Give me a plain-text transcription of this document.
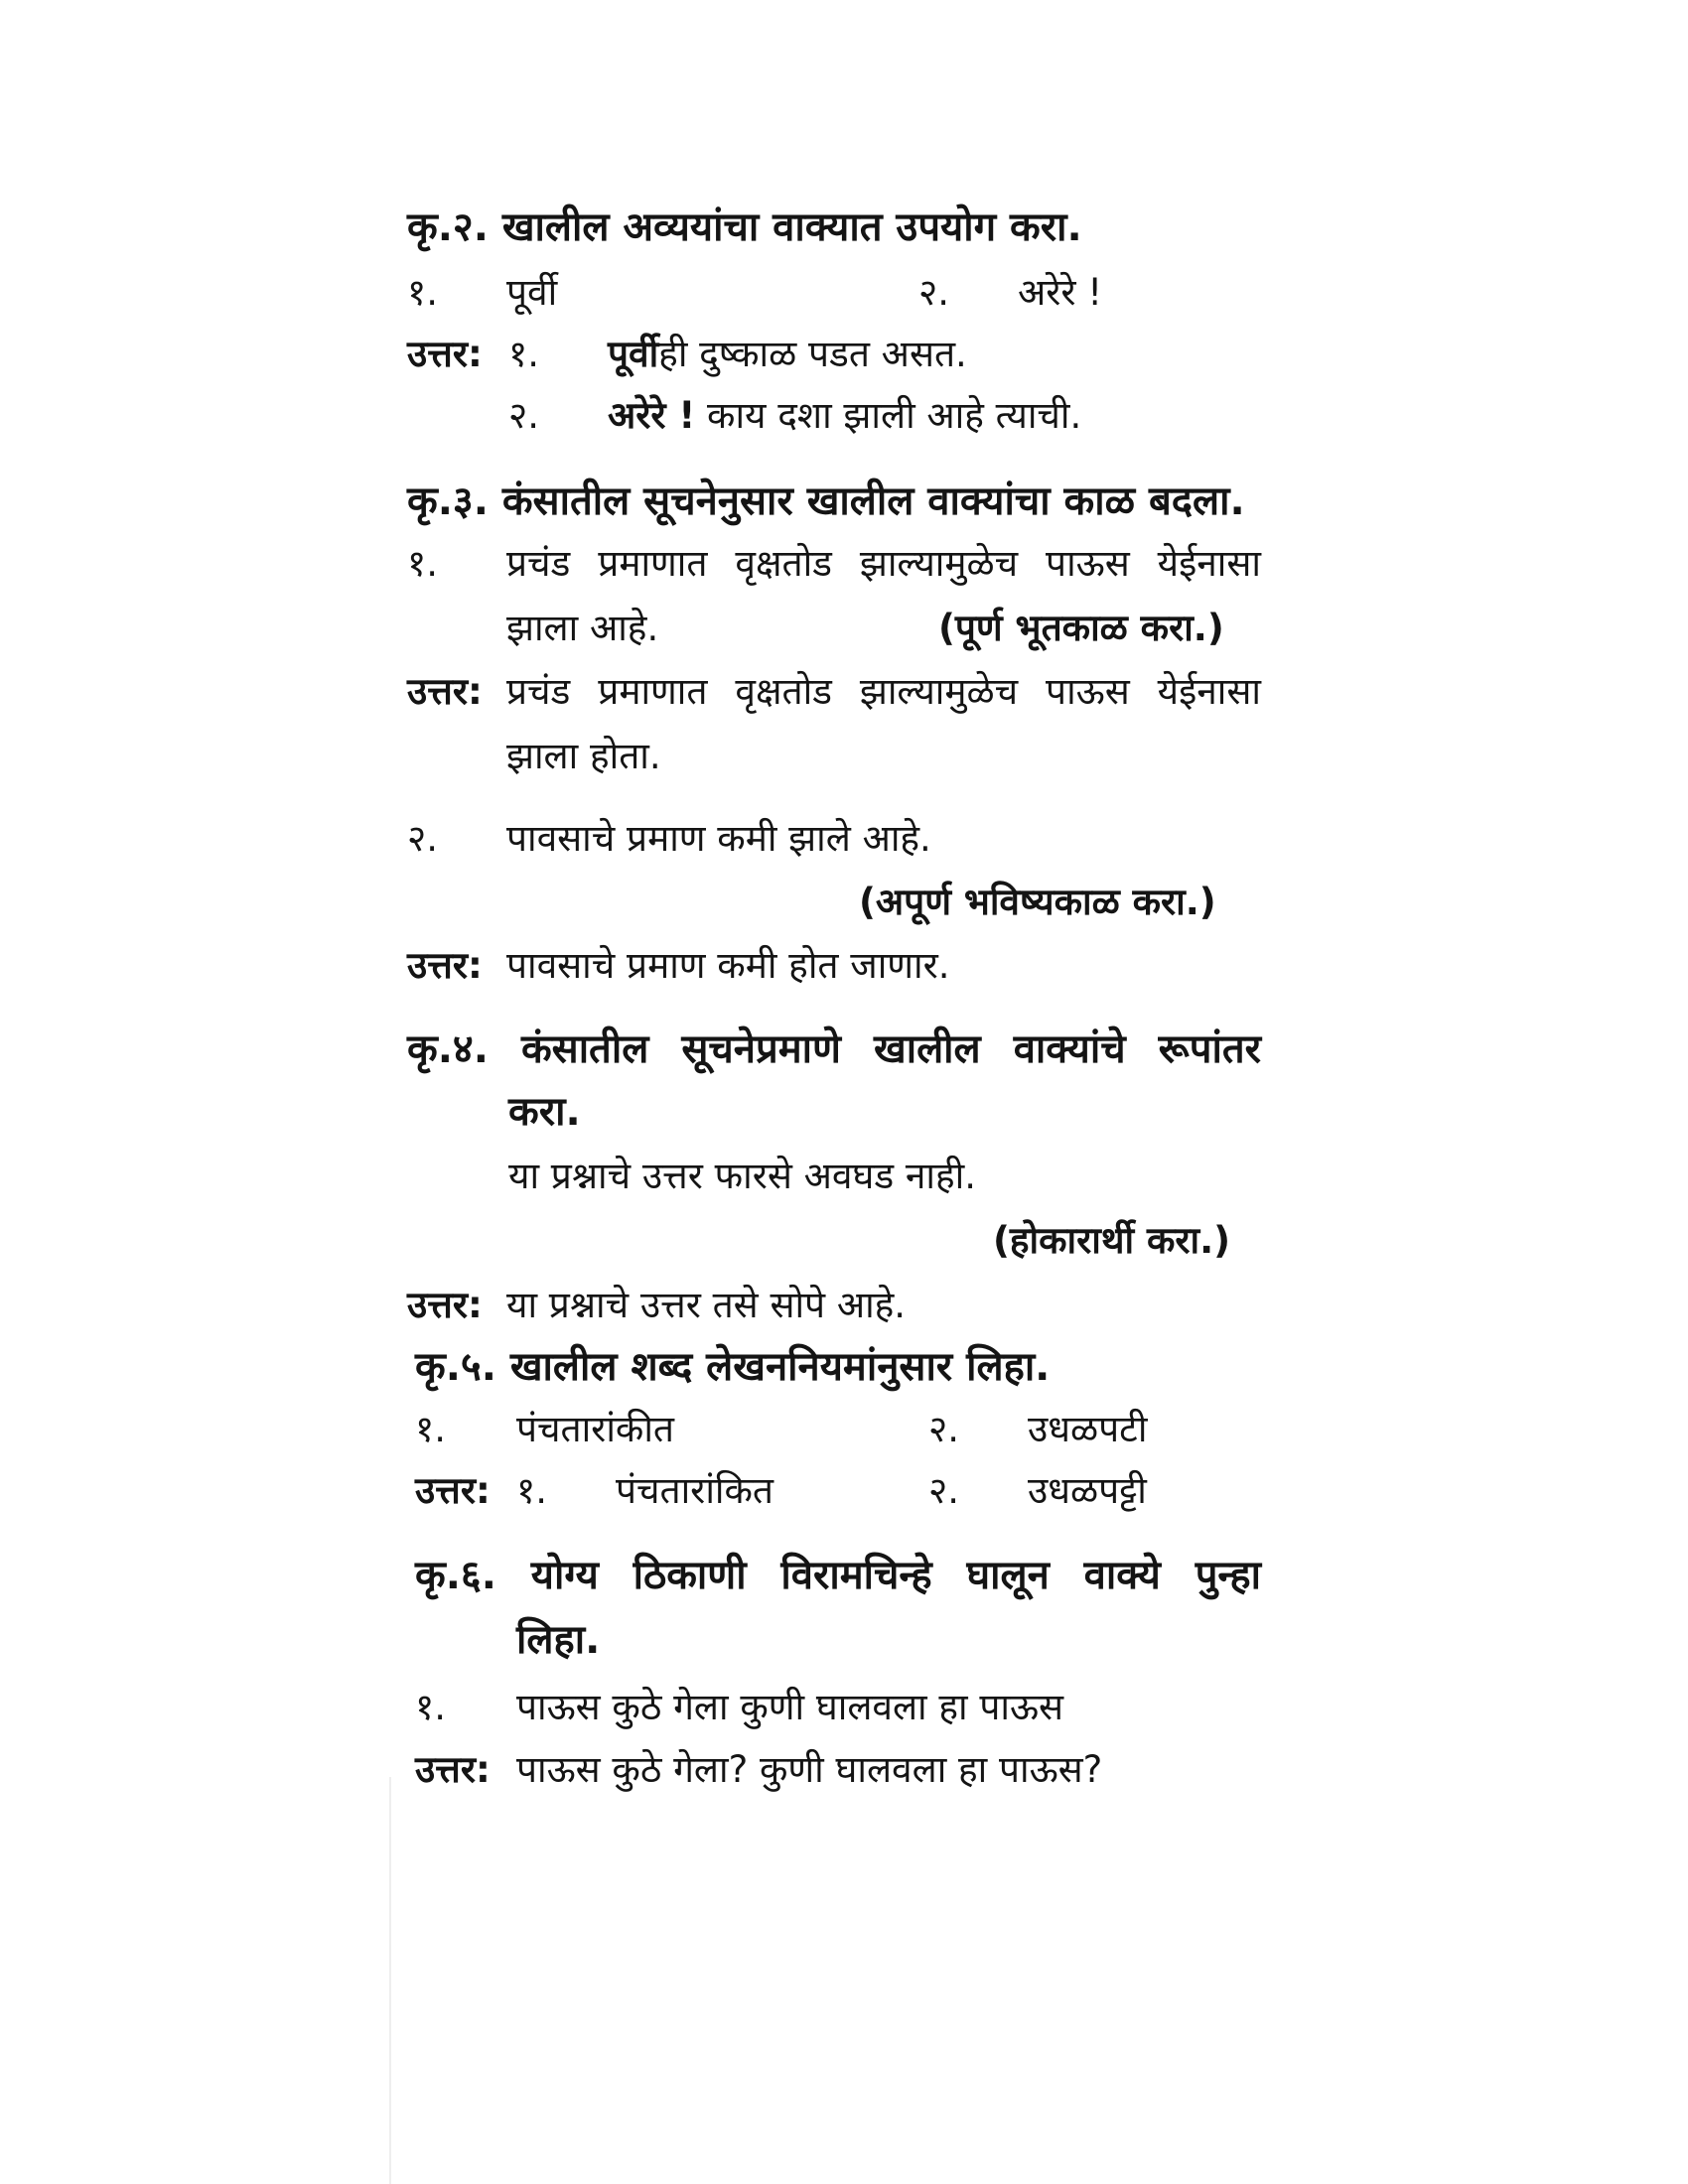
कृ.२. खालील अव्ययांचा वाक्यात उपयोग करा.
१. पूर्वी	२. अरेरे !
उत्तर: १. पूर्वीही दुष्काळ पडत असत.
२. अरेरे ! काय दशा झाली आहे त्याची.
कृ.३. कंसातील सूचनेनुसार खालील वाक्यांचा काळ बदला.
१. प्रचंड प्रमाणात वृक्षतोड झाल्यामुळेच पाऊस येईनासा
झाला आहे.	(पूर्ण भूतकाळ करा.)
उत्तर: प्रचंड प्रमाणात वृक्षतोड झाल्यामुळेच पाऊस येईनासा
झाला होता.
२. पावसाचे प्रमाण कमी झाले आहे.
(अपूर्ण भविष्यकाळ करा.)
उत्तर: पावसाचे प्रमाण कमी होत जाणार.
कृ.४. कंसातील सूचनेप्रमाणे खालील वाक्यांचे रूपांतर
करा.
या प्रश्नाचे उत्तर फारसे अवघड नाही.
(होकारार्थी करा.)
उत्तर: या प्रश्नाचे उत्तर तसे सोपे आहे.
कृ.५. खालील शब्द लेखननियमांनुसार लिहा.
१. पंचतारांकीत	२. उधळपटी
उत्तर: १. पंचतारांकित	२. उधळपट्टी
कृ.६. योग्य ठिकाणी विरामचिन्हे घालून वाक्ये पुन्हा
लिहा.
१. पाऊस कुठे गेला कुणी घालवला हा पाऊस
उत्तर: पाऊस कुठे गेला? कुणी घालवला हा पाऊस?
